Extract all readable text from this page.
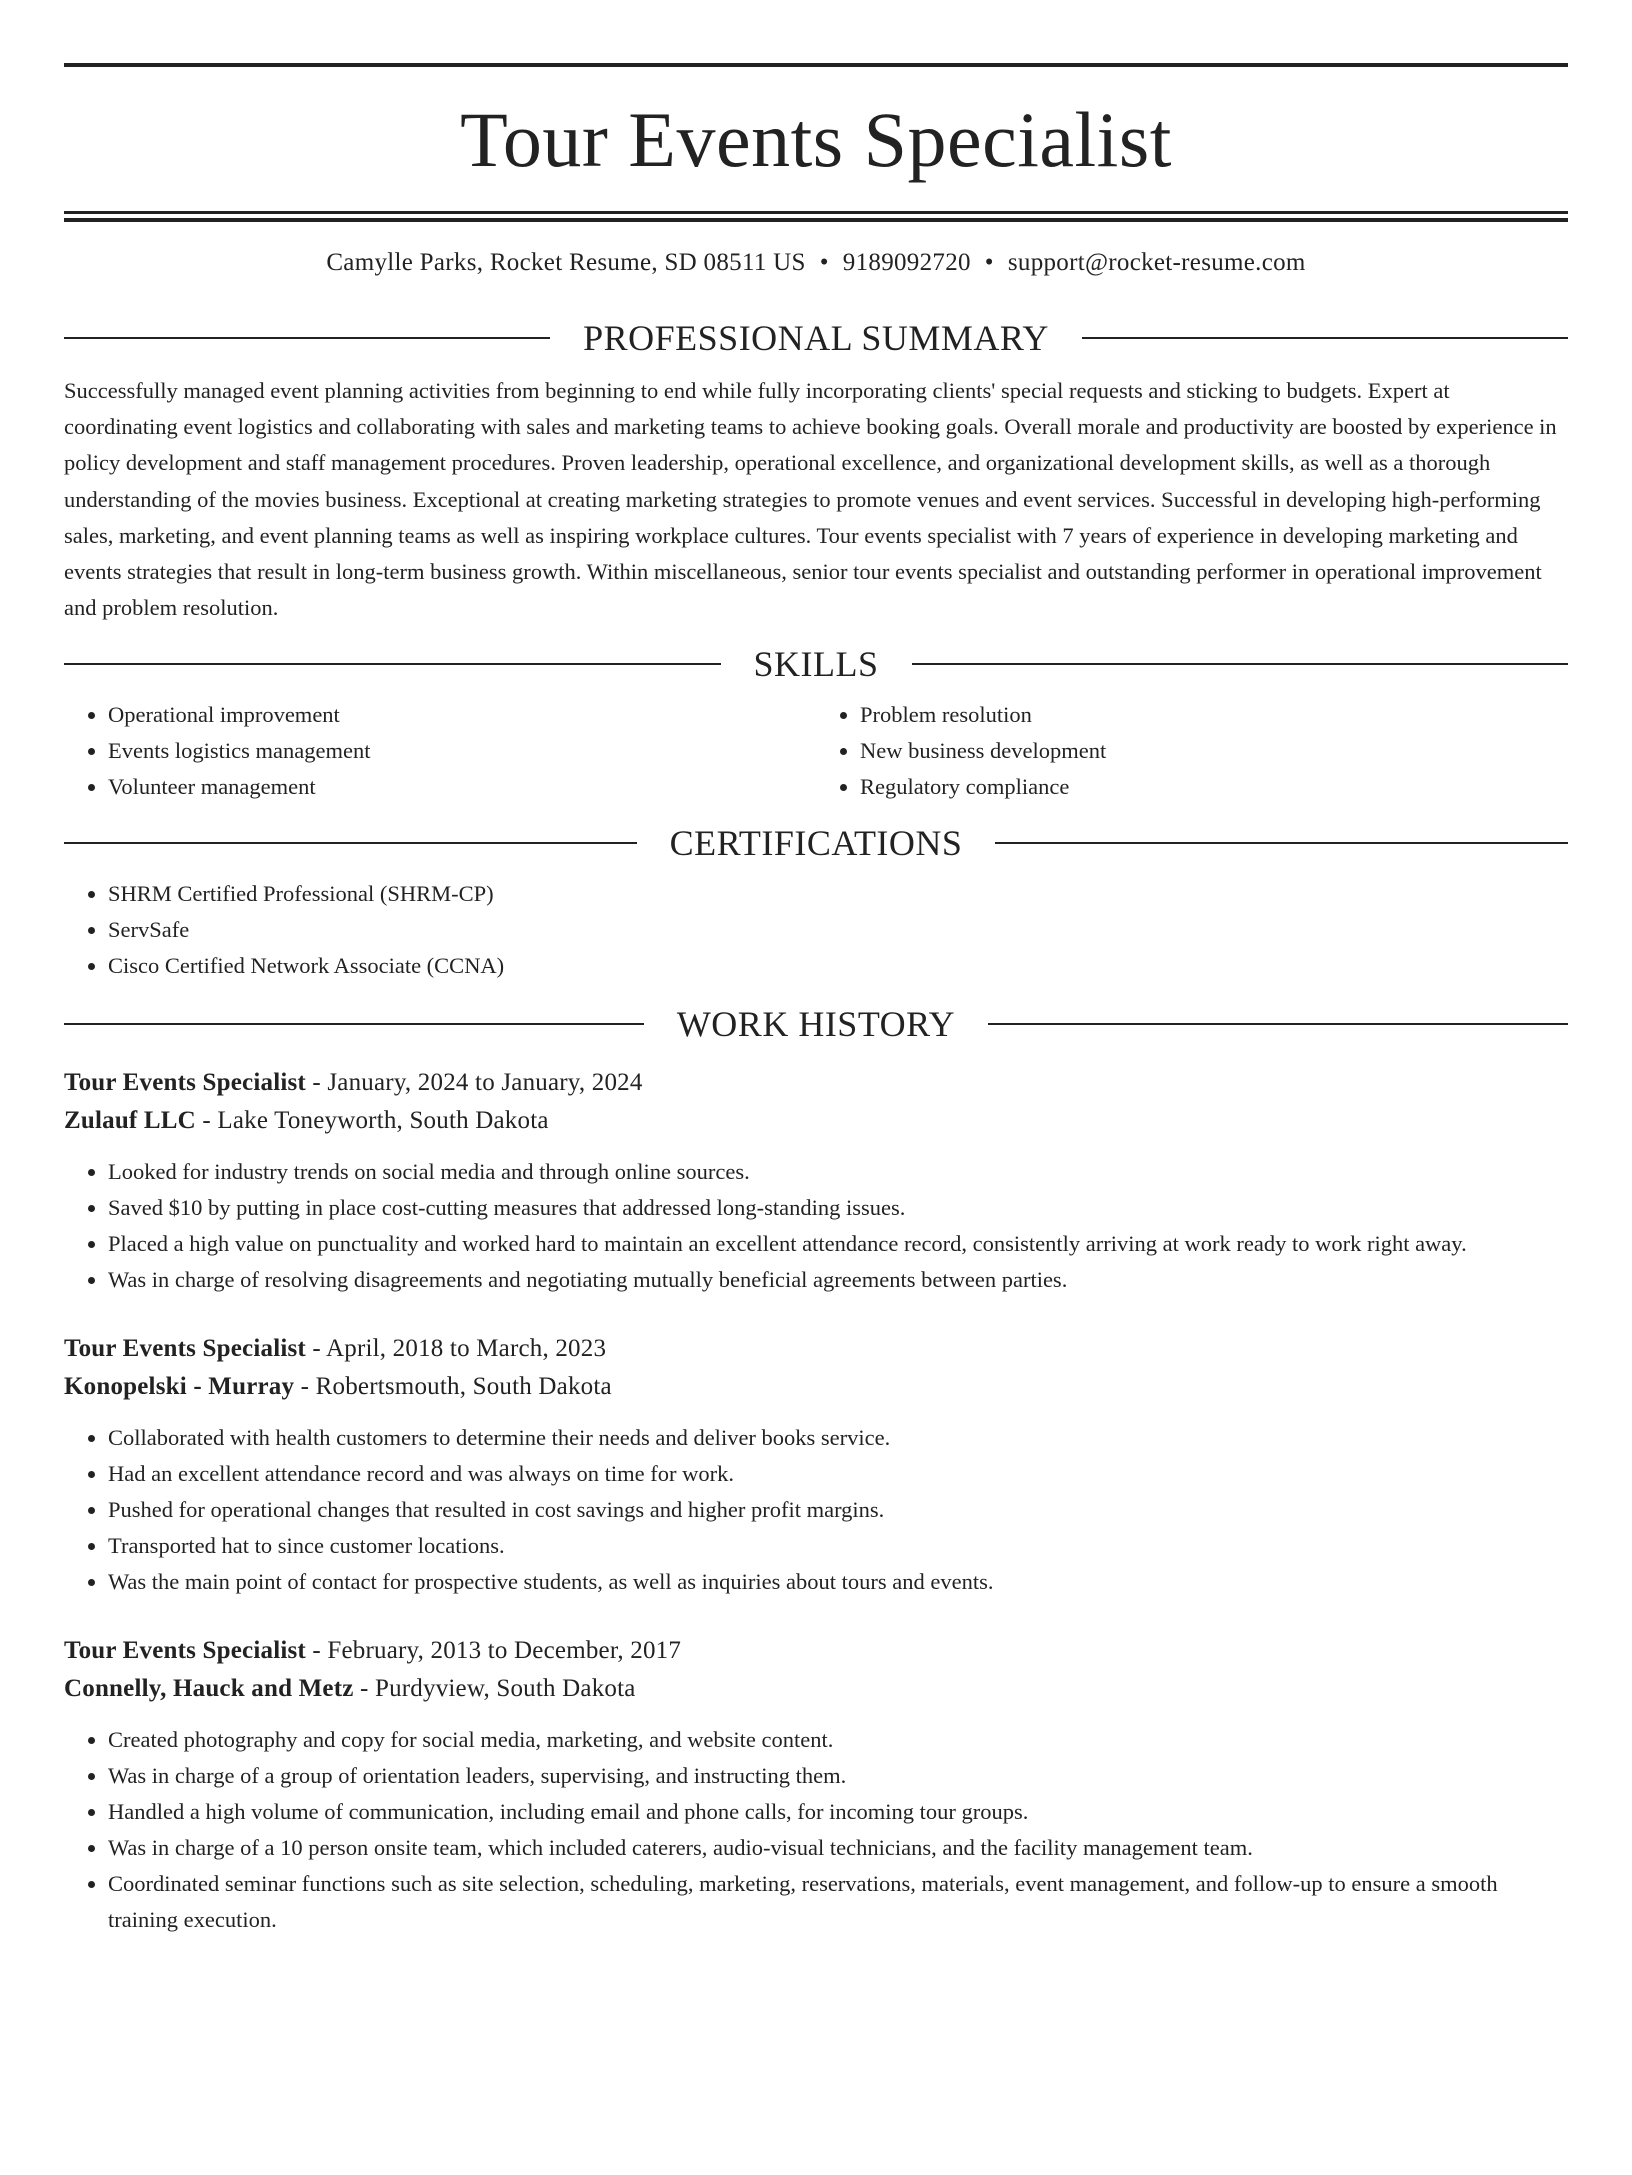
Tour Events Specialist
Camylle Parks, Rocket Resume, SD 08511 US • 9189092720 • support@rocket-resume.com
PROFESSIONAL SUMMARY

Successfully managed event planning activities from beginning to end while fully incorporating clients' special requests and sticking to budgets. Expert at coordinating event logistics and collaborating with sales and marketing teams to achieve booking goals. Overall morale and productivity are boosted by experience in policy development and staff management procedures. Proven leadership, operational excellence, and organizational development skills, as well as a thorough understanding of the movies business. Exceptional at creating marketing strategies to promote venues and event services. Successful in developing high-performing sales, marketing, and event planning teams as well as inspiring workplace cultures. Tour events specialist with 7 years of experience in developing marketing and events strategies that result in long-term business growth. Within miscellaneous, senior tour events specialist and outstanding performer in operational improvement and problem resolution.

SKILLS
• Operational improvement
• Events logistics management
• Volunteer management
• Problem resolution
• New business development
• Regulatory compliance
CERTIFICATIONS
• SHRM Certified Professional (SHRM-CP)
• ServSafe
• Cisco Certified Network Associate (CCNA)
WORK HISTORY
Tour Events Specialist - January, 2024 to January, 2024
Zulauf LLC - Lake Toneyworth, South Dakota
• Looked for industry trends on social media and through online sources.
• Saved $10 by putting in place cost-cutting measures that addressed long-standing issues.
• Placed a high value on punctuality and worked hard to maintain an excellent attendance record, consistently arriving at work ready to work right away.
• Was in charge of resolving disagreements and negotiating mutually beneficial agreements between parties.
Tour Events Specialist - April, 2018 to March, 2023
Konopelski - Murray - Robertsmouth, South Dakota
• Collaborated with health customers to determine their needs and deliver books service.
• Had an excellent attendance record and was always on time for work.
• Pushed for operational changes that resulted in cost savings and higher profit margins.
• Transported hat to since customer locations.
• Was the main point of contact for prospective students, as well as inquiries about tours and events.
Tour Events Specialist - February, 2013 to December, 2017
Connelly, Hauck and Metz - Purdyview, South Dakota
• Created photography and copy for social media, marketing, and website content.
• Was in charge of a group of orientation leaders, supervising, and instructing them.
• Handled a high volume of communication, including email and phone calls, for incoming tour groups.
• Was in charge of a 10 person onsite team, which included caterers, audio-visual technicians, and the facility management team.
• Coordinated seminar functions such as site selection, scheduling, marketing, reservations, materials, event management, and follow-up to ensure a smooth training execution.
